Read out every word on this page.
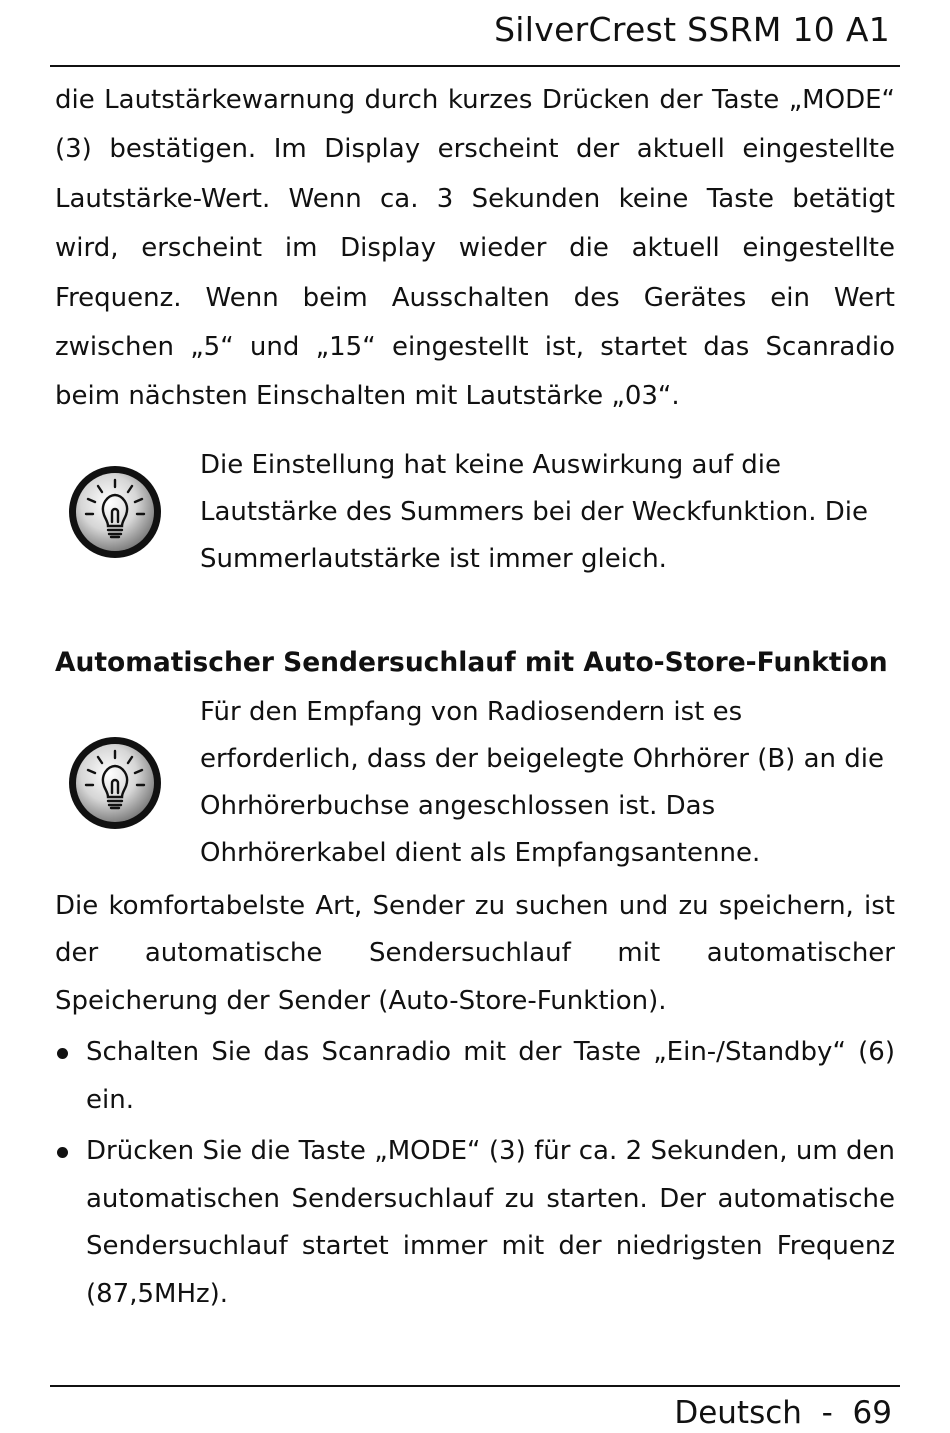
SilverCrest SSRM 10 A1

die Lautstärkewarnung durch kurzes Drücken der Taste „MODE“ (3) bestätigen. Im Display erscheint der aktuell eingestellte Lautstärke-Wert. Wenn ca. 3 Sekunden keine Taste betätigt wird, erscheint im Display wieder die aktuell eingestellte Frequenz. Wenn beim Ausschalten des Gerätes ein Wert zwischen „5“ und „15“ eingestellt ist, startet das Scanradio beim nächsten Einschalten mit Lautstärke „03“.

Die Einstellung hat keine Auswirkung auf die Lautstärke des Summers bei der Weckfunktion. Die Summerlautstärke ist immer gleich.

Automatischer Sendersuchlauf mit Auto-Store-Funktion

Für den Empfang von Radiosendern ist es erforderlich, dass der beigelegte Ohrhörer (B) an die Ohrhörerbuchse angeschlossen ist. Das Ohrhörerkabel dient als Empfangsantenne.

Die komfortabelste Art, Sender zu suchen und zu speichern, ist der automatische Sendersuchlauf mit automatischer Speicherung der Sender (Auto-Store-Funktion).

Schalten Sie das Scanradio mit der Taste „Ein-/Standby“ (6) ein.
Drücken Sie die Taste „MODE“ (3) für ca. 2 Sekunden, um den automatischen Sendersuchlauf zu starten. Der automatische Sendersuchlauf startet immer mit der niedrigsten Frequenz (87,5MHz).
Deutsch - 69
